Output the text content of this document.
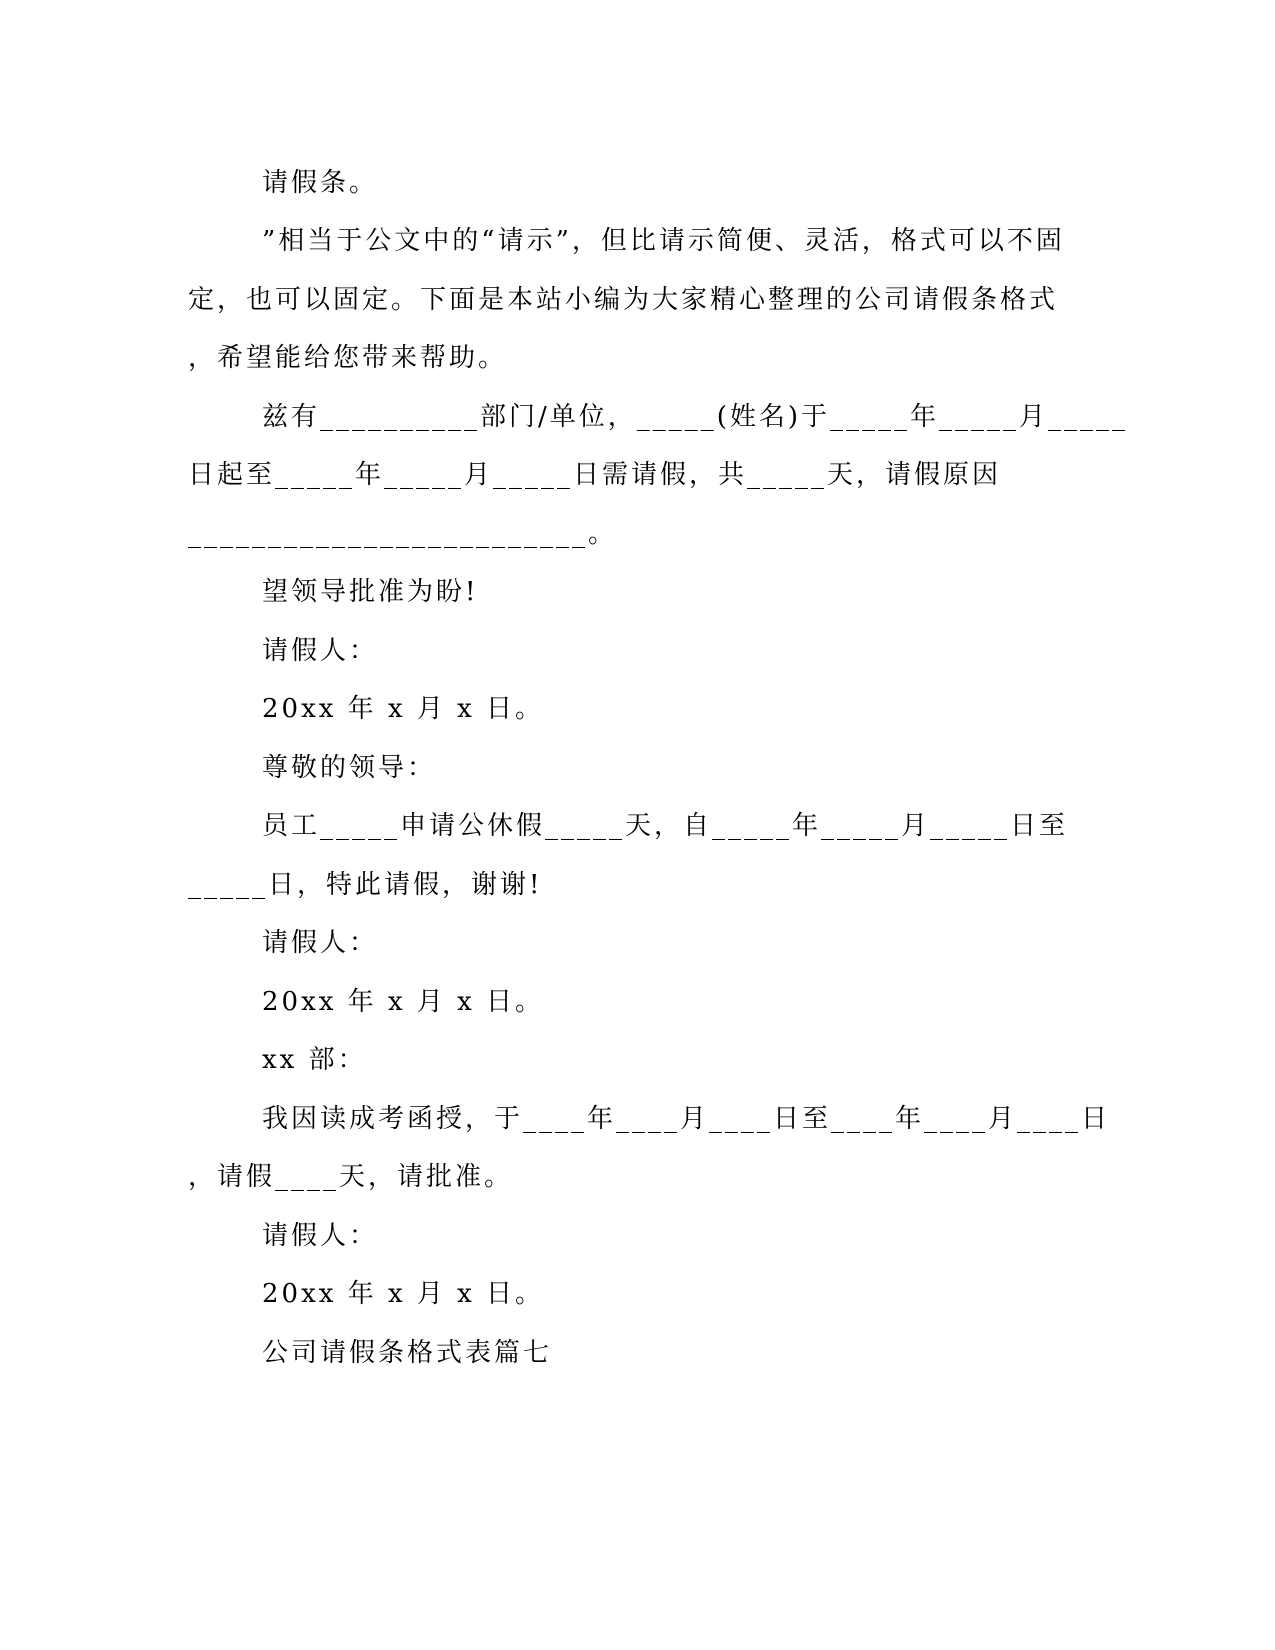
请假条。
”相当于公文中的“请示”，但比请示简便、灵活，格式可以不固
定，也可以固定。下面是本站小编为大家精心整理的公司请假条格式
，希望能给您带来帮助。
兹有__________部门/单位，_____(姓名)于_____年_____月_____
日起至_____年_____月_____日需请假，共_____天，请假原因
_________________________。
望领导批准为盼!
请假人：
20xx 年 x 月 x 日。
尊敬的领导：
员工_____申请公休假_____天，自_____年_____月_____日至
_____日，特此请假，谢谢!
请假人：
20xx 年 x 月 x 日。
xx 部：
我因读成考函授，于____年____月____日至____年____月____日
，请假____天，请批准。
请假人：
20xx 年 x 月 x 日。
公司请假条格式表篇七
